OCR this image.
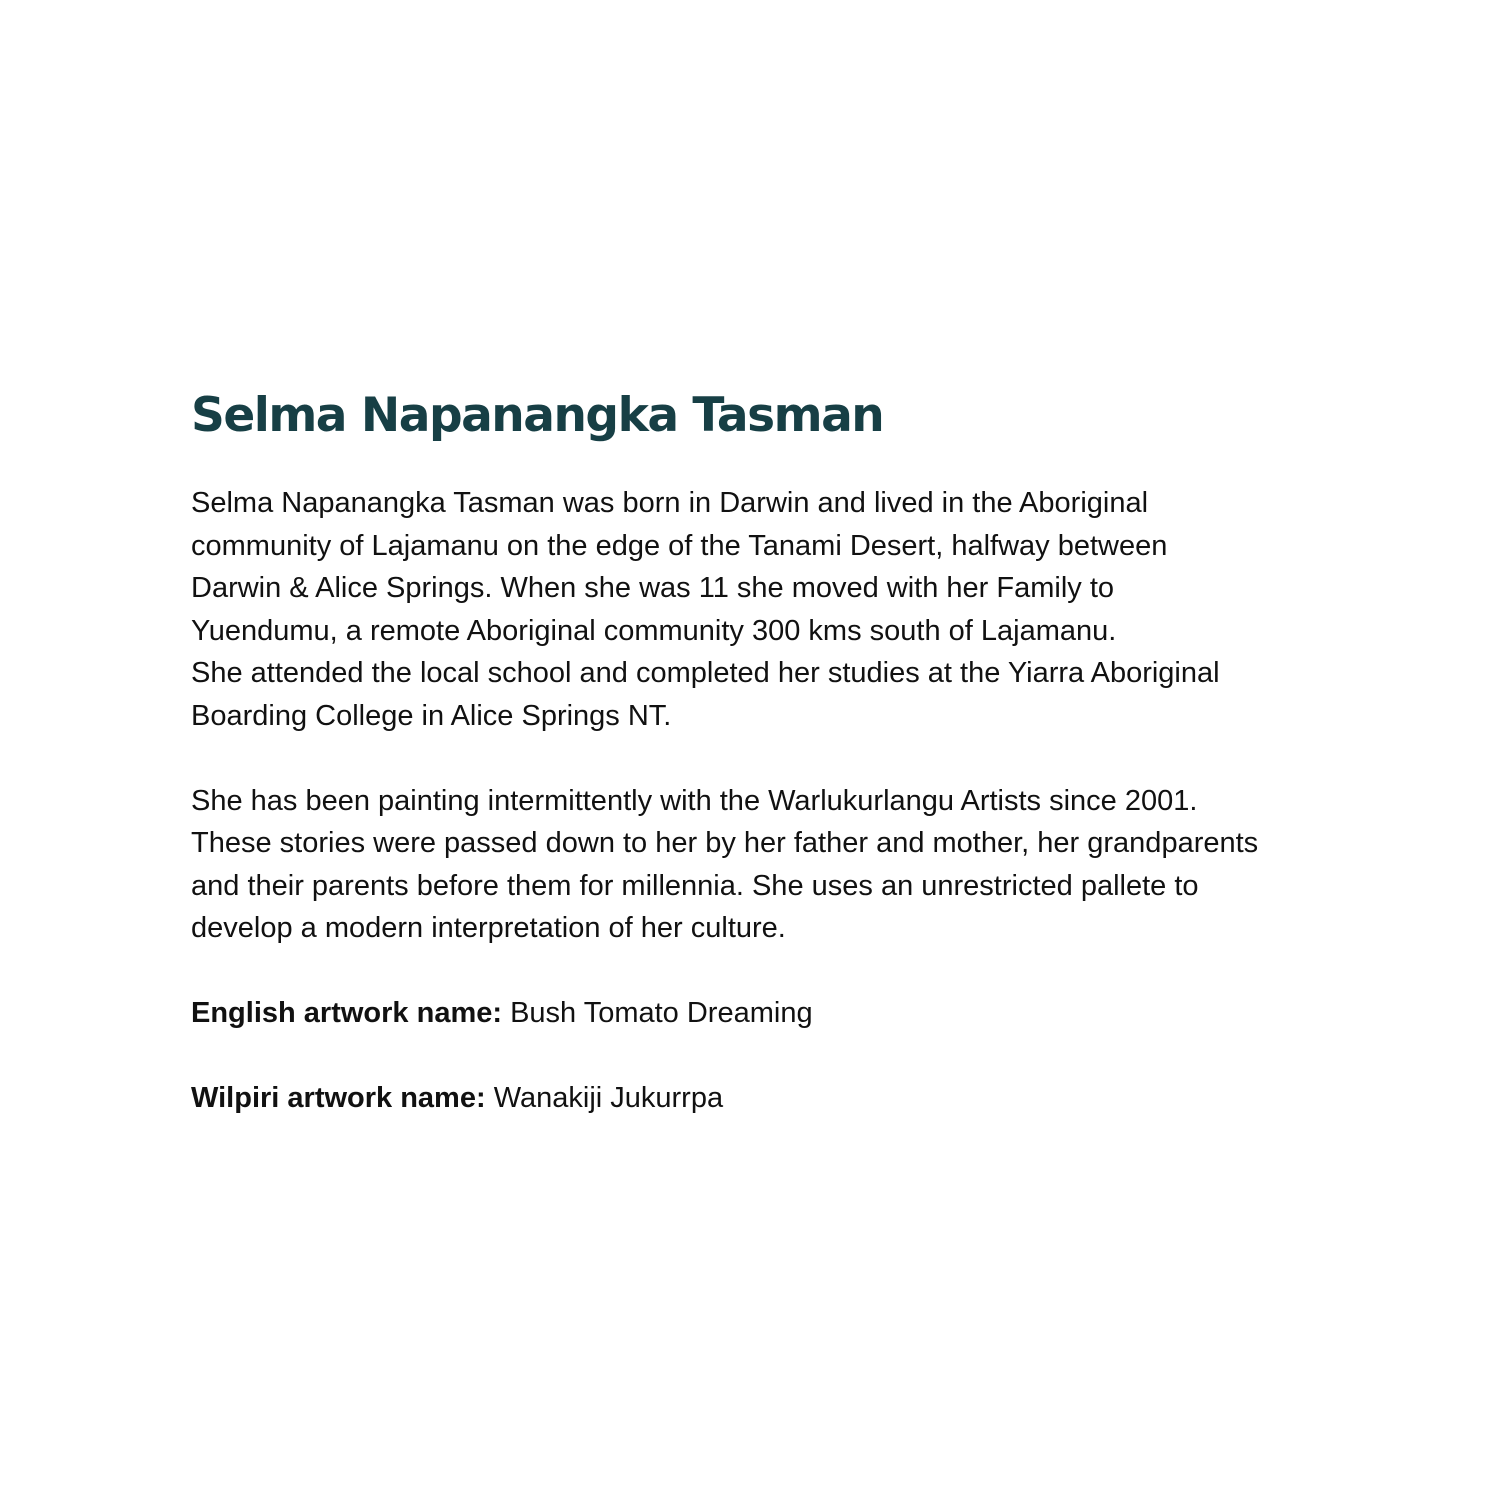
Selma Napanangka Tasman
Selma Napanangka Tasman was born in Darwin and lived in the Aboriginal
community of Lajamanu on the edge of the Tanami Desert, halfway between
Darwin & Alice Springs. When she was 11 she moved with her Family to
Yuendumu, a remote Aboriginal community 300 kms south of Lajamanu.
She attended the local school and completed her studies at the Yiarra Aboriginal
Boarding College in Alice Springs NT.
She has been painting intermittently with the Warlukurlangu Artists since 2001.
These stories were passed down to her by her father and mother, her grandparents
and their parents before them for millennia. She uses an unrestricted pallete to
develop a modern interpretation of her culture.
English artwork name: Bush Tomato Dreaming
Wilpiri artwork name: Wanakiji Jukurrpa
